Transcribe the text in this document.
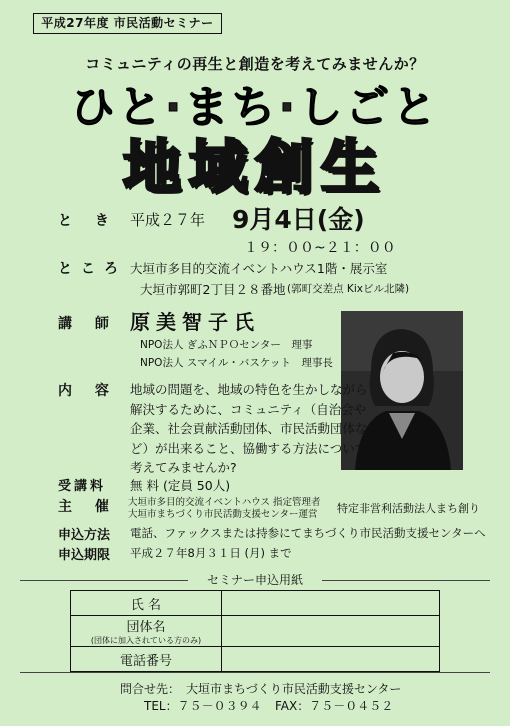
平成27年度 市民活動セミナー
コミュニティの再生と創造を考えてみませんか？
ひと·まち·しごと
地域創生
と き 平成２７年 9月4日(金)
１９：００~２１：００
ところ 大垣市多目的交流イベントハウス1階・展示室
大垣市郭町2丁目２８番地 (郭町交差点 Kixビル北隣)
講 師 原美智子氏
NPO法人 ぎふＮＰＯセンター　理事
NPO法人 スマイル・バスケット　理事長
内 容 地域の問題を、地域の特色を生かしながら
解決するために、コミュニティ（自治会や
企業、社会貢献活動団体、市民活動団体な
ど）が出来ること、協働する方法について
考えてみませんか?
受講料 無 料 (定員 50人)
主 催 大垣市多目的交流イベントハウス 指定管理者
大垣市まちづくり市民活動支援センター運営 特定非営利活動法人まち創り
申込方法 電話、ファックスまたは持参にてまちづくり市民活動支援センターへ
申込期限 平成２７年8月３１日 (月) まで
セミナー申込用紙
氏 名	

団体名
(団体に加入されている方のみ)	

電話番号	
問合せ先： 大垣市まちづくり市民活動支援センター
TEL：７５－０３９４ FAX：７５－０４５２
